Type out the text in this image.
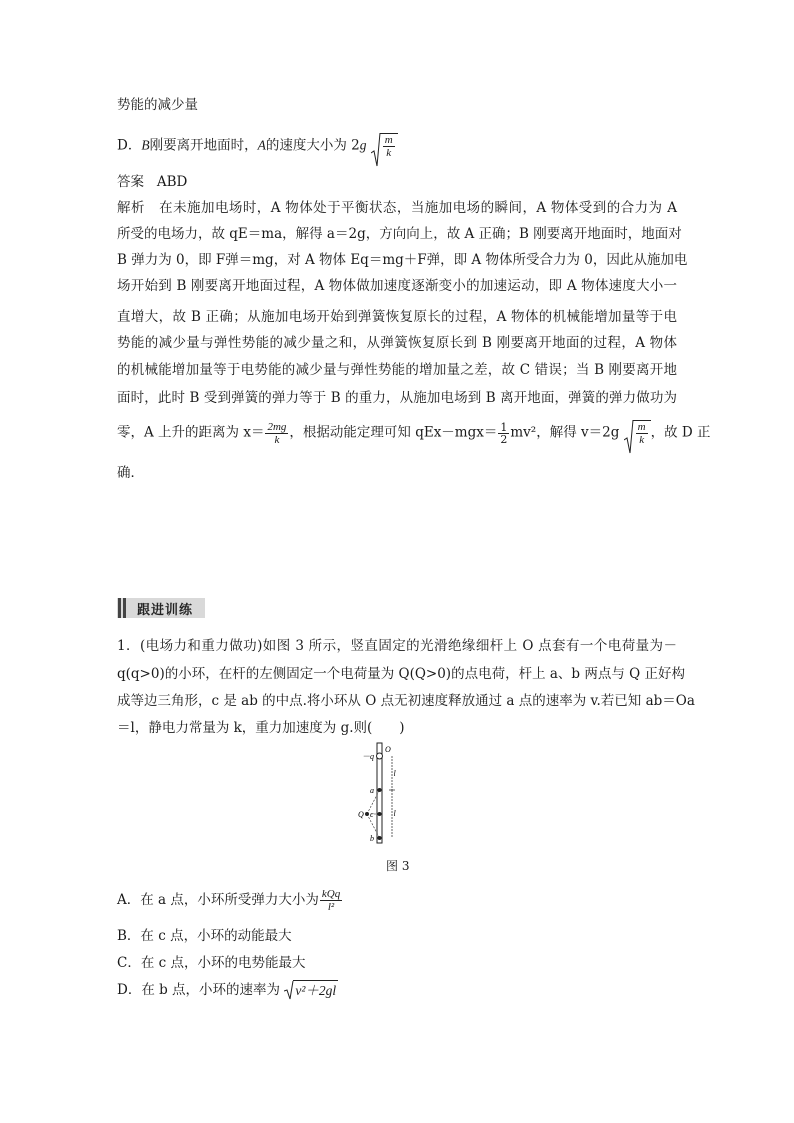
势能的减少量
D．B刚要离开地面时，A的速度大小为 $2g \frac{m}{k}$
答案 ABD
解析 在未施加电场时，A 物体处于平衡状态，当施加电场的瞬间，A 物体受到的合力为 A
所受的电场力，故 qE＝ma，解得 a＝2g，方向向上，故 A 正确；B 刚要离开地面时，地面对
B 弹力为 0，即 F弹＝mg，对 A 物体 Eq＝mg＋F弹，即 A 物体所受合力为 0，因此从施加电
场开始到 B 刚要离开地面过程，A 物体做加速度逐渐变小的加速运动，即 A 物体速度大小一
直增大，故 B 正确；从施加电场开始到弹簧恢复原长的过程，A 物体的机械能增加量等于电
势能的减少量与弹性势能的减少量之和，从弹簧恢复原长到 B 刚要离开地面的过程，A 物体
的机械能增加量等于电势能的减少量与弹性势能的增加量之差，故 C 错误；当 B 刚要离开地
面时，此时 B 受到弹簧的弹力等于 B 的重力，从施加电场到 B 离开地面，弹簧的弹力做功为
零，A 上升的距离为 $x= \frac{2mg}{k}$ ，根据动能定理可知 $qEx-mgx= \frac{1}{2} mv^2$，解得 $v=2g \frac{m}{k}$ ，故 D 正
确．
跟进训练
1．(电场力和重力做功)如图 3 所示，竖直固定的光滑绝缘细杆上 O 点套有一个电荷量为－
q(q>0)的小环，在杆的左侧固定一个电荷量为 Q(Q>0)的点电荷，杆上 a、b 两点与 Q 正好构
成等边三角形，c 是 ab 的中点.将小环从 O 点无初速度释放通过 a 点的速率为 v.若已知 ab＝Oa
＝l，静电力常量为 k，重力加速度为 g.则(　　)
O
－q
l
l
a
c
b
Q
图 3
A．在 a 点，小环所受弹力大小为 $\frac{\text{kQq}}{\text{l²}}$
B．在 c 点，小环的动能最大
C．在 c 点，小环的电势能最大
D．在 b 点，小环的速率为 v²＋2gl
